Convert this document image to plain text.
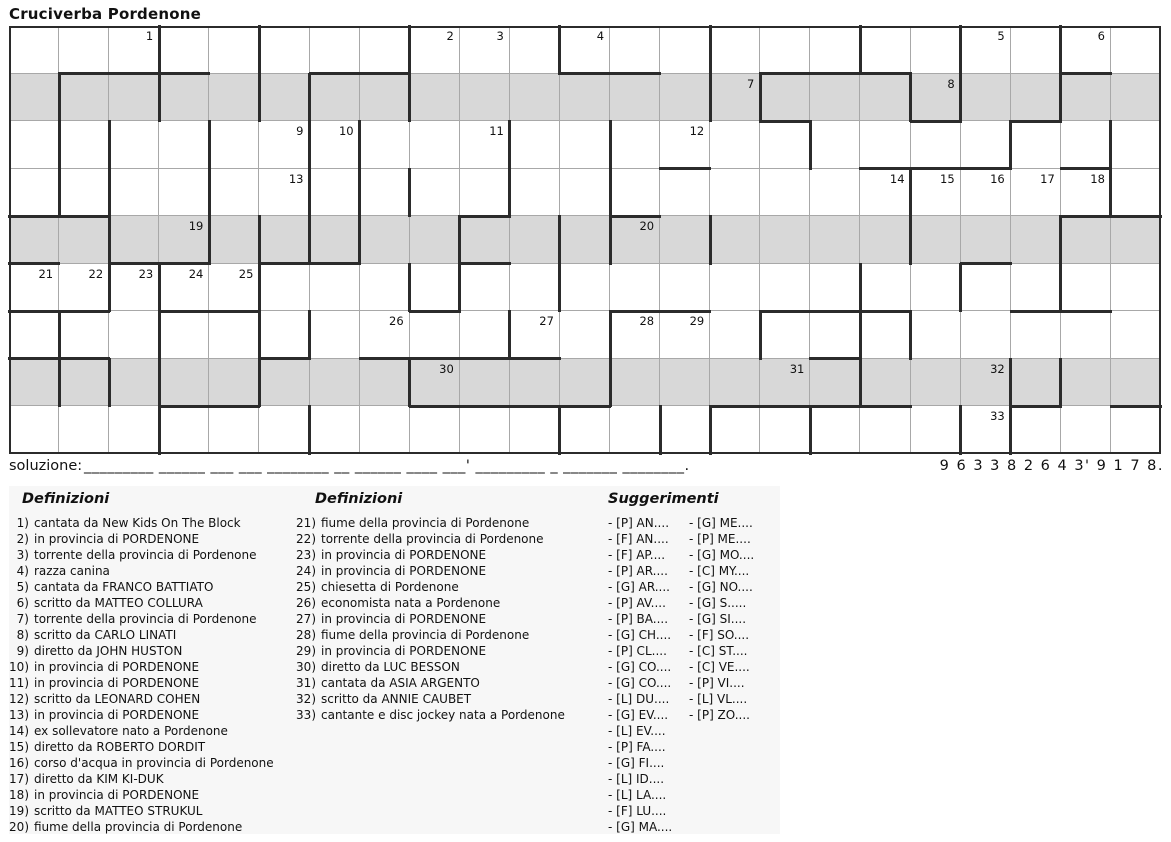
Cruciverba Pordenone
1	2	3	4	5	6
7	8
9	10	11	12
13	14	15	16	17	18
19	20
21	22	23	24	25
26	27	28	29
30	31	32
33
soluzione: _________ ______ ___ ___ ________ __ ______ ____ ___' _________ _ _______ ________.	9 6 3 3 8 2 6 4 3' 9 1 7 8.
Definizioni
1) cantata da New Kids On The Block
2) in provincia di PORDENONE
3) torrente della provincia di Pordenone
4) razza canina
5) cantata da FRANCO BATTIATO
6) scritto da MATTEO COLLURA
7) torrente della provincia di Pordenone
8) scritto da CARLO LINATI
9) diretto da JOHN HUSTON
10) in provincia di PORDENONE
11) in provincia di PORDENONE
12) scritto da LEONARD COHEN
13) in provincia di PORDENONE
14) ex sollevatore nato a Pordenone
15) diretto da ROBERTO DORDIT
16) corso d'acqua in provincia di Pordenone
17) diretto da KIM KI-DUK
18) in provincia di PORDENONE
19) scritto da MATTEO STRUKUL
20) fiume della provincia di Pordenone
Definizioni
21) fiume della provincia di Pordenone
22) torrente della provincia di Pordenone
23) in provincia di PORDENONE
24) in provincia di PORDENONE
25) chiesetta di Pordenone
26) economista nata a Pordenone
27) in provincia di PORDENONE
28) fiume della provincia di Pordenone
29) in provincia di PORDENONE
30) diretto da LUC BESSON
31) cantata da ASIA ARGENTO
32) scritto da ANNIE CAUBET
33) cantante e disc jockey nata a Pordenone
Suggerimenti
- [P] AN....
- [F] AN....
- [F] AP....
- [P] AR....
- [G] AR....
- [P] AV....
- [P] BA....
- [G] CH....
- [P] CL....
- [G] CO....
- [G] CO....
- [L] DU....
- [G] EV....
- [L] EV....
- [P] FA....
- [G] FI....
- [L] ID....
- [L] LA....
- [F] LU....
- [G] MA....
- [G] ME....
- [P] ME....
- [G] MO....
- [C] MY....
- [G] NO....
- [G] S.....
- [G] SI....
- [F] SO....
- [C] ST....
- [C] VE....
- [P] VI....
- [L] VL....
- [P] ZO....
